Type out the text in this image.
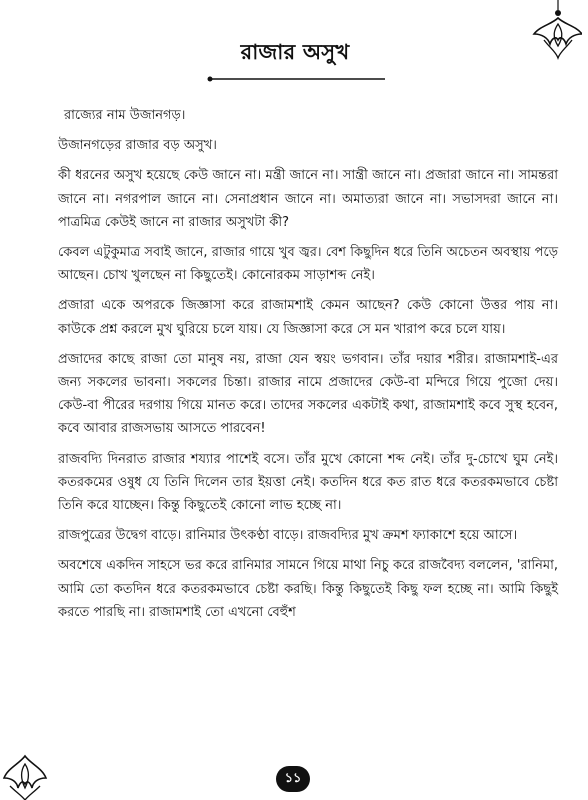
রাজার অসুখ

রাজ্যের নাম উজানগড়।

উজানগড়ের রাজার বড় অসুখ।

কী ধরনের অসুখ হয়েছে কেউ জানে না। মন্ত্রী জানে না। সান্ত্রী জানে না। প্রজারা জানে না। সামন্তরা জানে না। নগরপাল জানে না। সেনাপ্রধান জানে না। অমাত্যরা জানে না। সভাসদরা জানে না। পাত্রমিত্র কেউই জানে না রাজার অসুখটা কী?

কেবল এটুকুমাত্র সবাই জানে, রাজার গায়ে খুব জ্বর। বেশ কিছুদিন ধরে তিনি অচেতন অবস্থায় পড়ে আছেন। চোখ খুলছেন না কিছুতেই। কোনোরকম সাড়াশব্দ নেই।

প্রজারা একে অপরকে জিজ্ঞাসা করে রাজামশাই কেমন আছেন? কেউ কোনো উত্তর পায় না। কাউকে প্রশ্ন করলে মুখ ঘুরিয়ে চলে যায়। যে জিজ্ঞাসা করে সে মন খারাপ করে চলে যায়।

প্রজাদের কাছে রাজা তো মানুষ নয়, রাজা যেন স্বয়ং ভগবান। তাঁর দয়ার শরীর। রাজামশাই-এর জন্য সকলের ভাবনা। সকলের চিন্তা। রাজার নামে প্রজাদের কেউ-বা মন্দিরে গিয়ে পুজো দেয়। কেউ-বা পীরের দরগায় গিয়ে মানত করে। তাদের সকলের একটাই কথা, রাজামশাই কবে সুস্থ হবেন, কবে আবার রাজসভায় আসতে পারবেন!

রাজবদ্যি দিনরাত রাজার শয্যার পাশেই বসে। তাঁর মুখে কোনো শব্দ নেই। তাঁর দু-চোখে ঘুম নেই। কতরকমের ওষুধ যে তিনি দিলেন তার ইয়ত্তা নেই। কতদিন ধরে কত রাত ধরে কতরকমভাবে চেষ্টা তিনি করে যাচ্ছেন। কিন্তু কিছুতেই কোনো লাভ হচ্ছে না।

রাজপুত্রের উদ্বেগ বাড়ে। রানিমার উৎকণ্ঠা বাড়ে। রাজবদ্যির মুখ ক্রমশ ফ্যাকাশে হয়ে আসে।

অবশেষে একদিন সাহসে ভর করে রানিমার সামনে গিয়ে মাথা নিচু করে রাজবৈদ্য বললেন, 'রানিমা, আমি তো কতদিন ধরে কতরকমভাবে চেষ্টা করছি। কিন্তু কিছুতেই কিছু ফল হচ্ছে না। আমি কিছুই করতে পারছি না। রাজামশাই তো এখনো বেহুঁশ

১১
